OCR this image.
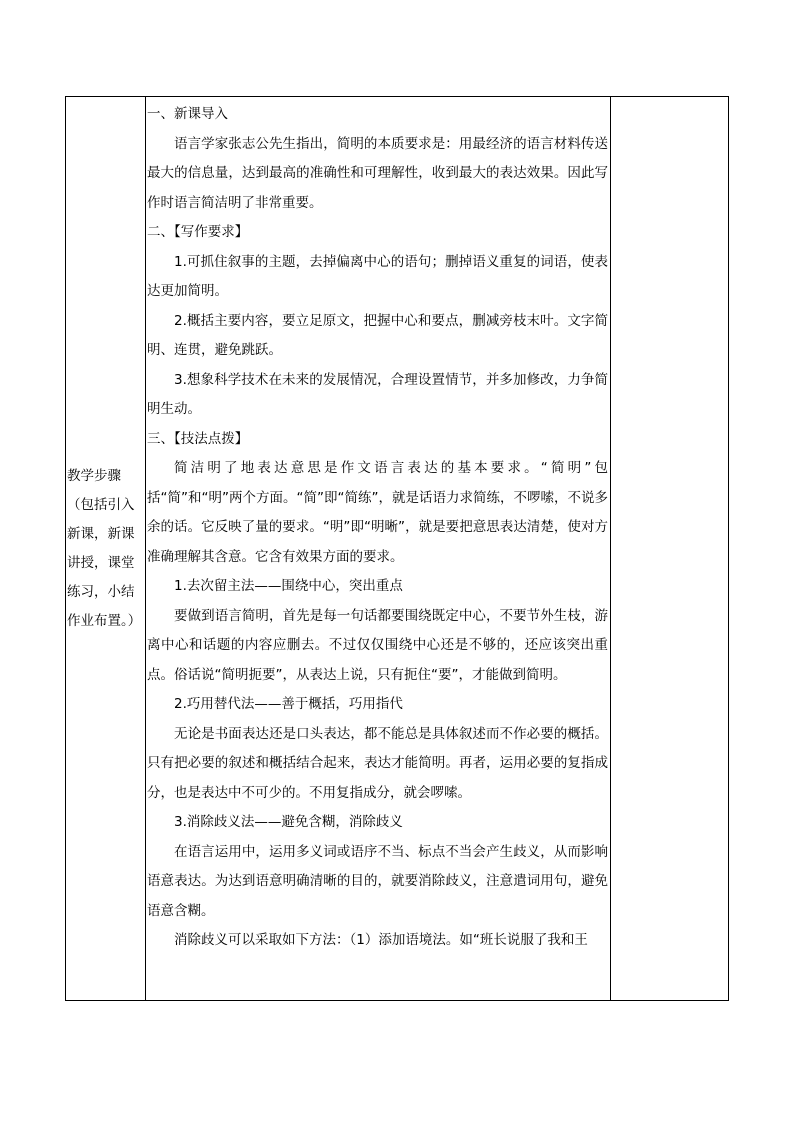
教学步骤（包括引入新课，新课讲授，课堂练习，小结作业布置。）

一、新课导入

语言学家张志公先生指出，简明的本质要求是：用最经济的语言材料传送最大的信息量，达到最高的准确性和可理解性，收到最大的表达效果。因此写作时语言简洁明了非常重要。

二、【写作要求】

1.可抓住叙事的主题，去掉偏离中心的语句；删掉语义重复的词语，使表达更加简明。

2.概括主要内容，要立足原文，把握中心和要点，删减旁枝末叶。文字简明、连贯，避免跳跃。

3.想象科学技术在未来的发展情况，合理设置情节，并多加修改，力争简明生动。

三、【技法点拨】

简洁明了地表达意思是作文语言表达的基本要求。“简明”包括“简”和“明”两个方面。“简”即“简练”，就是话语力求简练，不啰嗦，不说多余的话。它反映了量的要求。“明”即“明晰”，就是要把意思表达清楚，使对方准确理解其含意。它含有效果方面的要求。

1.去次留主法——围绕中心，突出重点

要做到语言简明，首先是每一句话都要围绕既定中心，不要节外生枝，游离中心和话题的内容应删去。不过仅仅围绕中心还是不够的，还应该突出重点。俗话说“简明扼要”，从表达上说，只有扼住“要”，才能做到简明。

2.巧用替代法——善于概括，巧用指代

无论是书面表达还是口头表达，都不能总是具体叙述而不作必要的概括。只有把必要的叙述和概括结合起来，表达才能简明。再者，运用必要的复指成分，也是表达中不可少的。不用复指成分，就会啰嗦。

3.消除歧义法——避免含糊，消除歧义

在语言运用中，运用多义词或语序不当、标点不当会产生歧义，从而影响语意表达。为达到语意明确清晰的目的，就要消除歧义，注意遣词用句，避免语意含糊。

消除歧义可以采取如下方法：（1）添加语境法。如“班长说服了我和王
